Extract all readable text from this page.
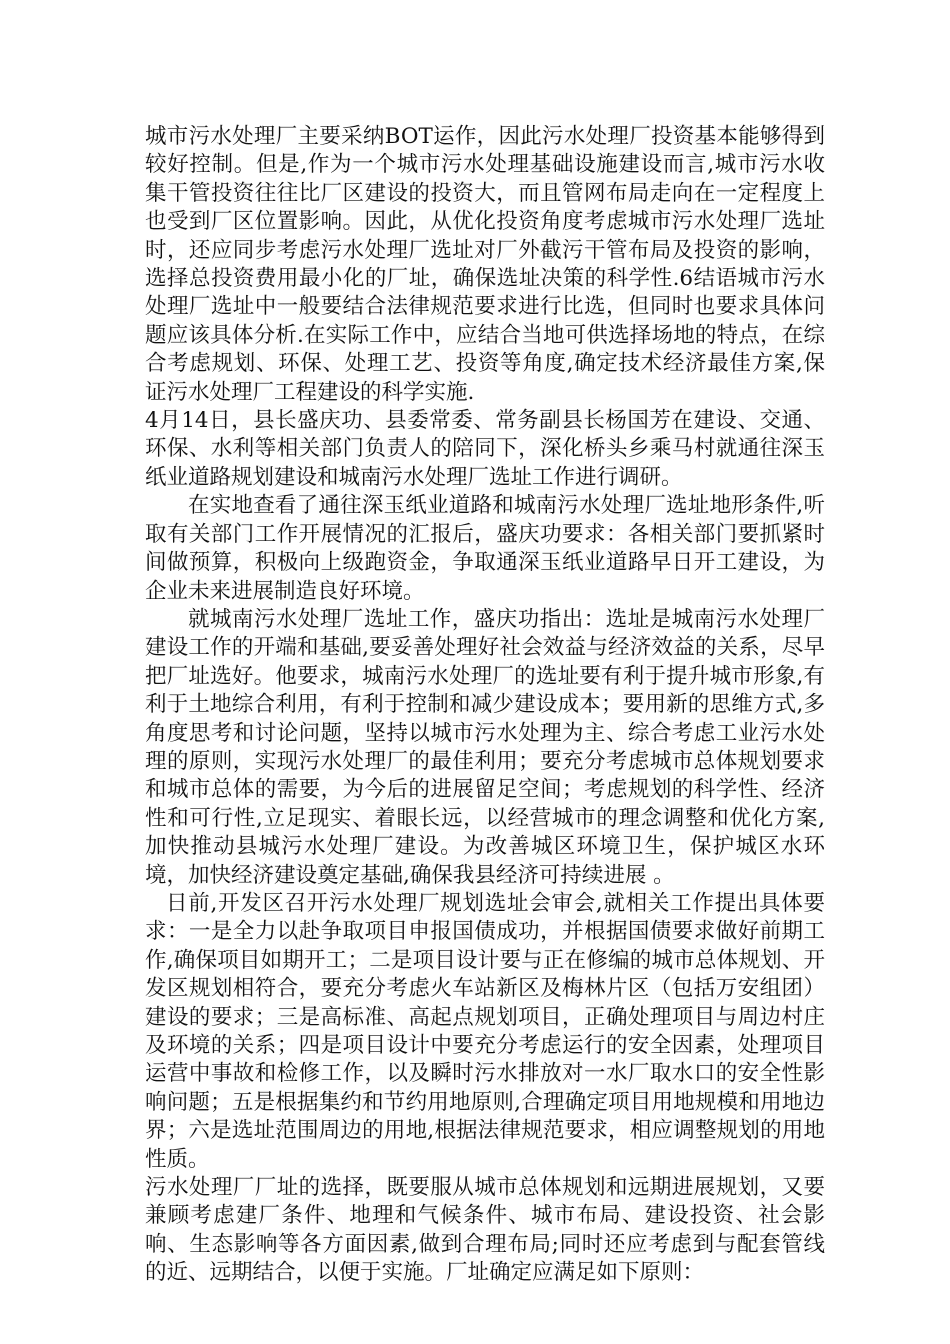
城市污水处理厂主要采纳BOT运作，因此污水处理厂投资基本能够得到较好控制。但是,作为一个城市污水处理基础设施建设而言,城市污水收集干管投资往往比厂区建设的投资大，而且管网布局走向在一定程度上也受到厂区位置影响。因此，从优化投资角度考虑城市污水处理厂选址时，还应同步考虑污水处理厂选址对厂外截污干管布局及投资的影响，选择总投资费用最小化的厂址，确保选址决策的科学性.6结语城市污水处理厂选址中一般要结合法律规范要求进行比选，但同时也要求具体问题应该具体分析.在实际工作中，应结合当地可供选择场地的特点，在综合考虑规划、环保、处理工艺、投资等角度,确定技术经济最佳方案,保证污水处理厂工程建设的科学实施.

4月14日，县长盛庆功、县委常委、常务副县长杨国芳在建设、交通、环保、水利等相关部门负责人的陪同下，深化桥头乡乘马村就通往深玉纸业道路规划建设和城南污水处理厂选址工作进行调研。

在实地查看了通往深玉纸业道路和城南污水处理厂选址地形条件,听取有关部门工作开展情况的汇报后，盛庆功要求：各相关部门要抓紧时间做预算，积极向上级跑资金，争取通深玉纸业道路早日开工建设，为企业未来进展制造良好环境。

就城南污水处理厂选址工作，盛庆功指出：选址是城南污水处理厂建设工作的开端和基础,要妥善处理好社会效益与经济效益的关系，尽早把厂址选好。他要求，城南污水处理厂的选址要有利于提升城市形象,有利于土地综合利用，有利于控制和减少建设成本；要用新的思维方式,多角度思考和讨论问题，坚持以城市污水处理为主、综合考虑工业污水处理的原则，实现污水处理厂的最佳利用；要充分考虑城市总体规划要求和城市总体的需要，为今后的进展留足空间；考虑规划的科学性、经济性和可行性,立足现实、着眼长远，以经营城市的理念调整和优化方案,加快推动县城污水处理厂建设。为改善城区环境卫生，保护城区水环境，加快经济建设奠定基础,确保我县经济可持续进展 。

日前,开发区召开污水处理厂规划选址会审会,就相关工作提出具体要求：一是全力以赴争取项目申报国债成功，并根据国债要求做好前期工作,确保项目如期开工；二是项目设计要与正在修编的城市总体规划、开发区规划相符合，要充分考虑火车站新区及梅林片区（包括万安组团）建设的要求；三是高标准、高起点规划项目，正确处理项目与周边村庄及环境的关系；四是项目设计中要充分考虑运行的安全因素，处理项目运营中事故和检修工作，以及瞬时污水排放对一水厂取水口的安全性影响问题；五是根据集约和节约用地原则,合理确定项目用地规模和用地边界；六是选址范围周边的用地,根据法律规范要求，相应调整规划的用地性质。

污水处理厂厂址的选择，既要服从城市总体规划和远期进展规划，又要兼顾考虑建厂条件、地理和气候条件、城市布局、建设投资、社会影响、生态影响等各方面因素,做到合理布局;同时还应考虑到与配套管线的近、远期结合，以便于实施。厂址确定应满足如下原则：
